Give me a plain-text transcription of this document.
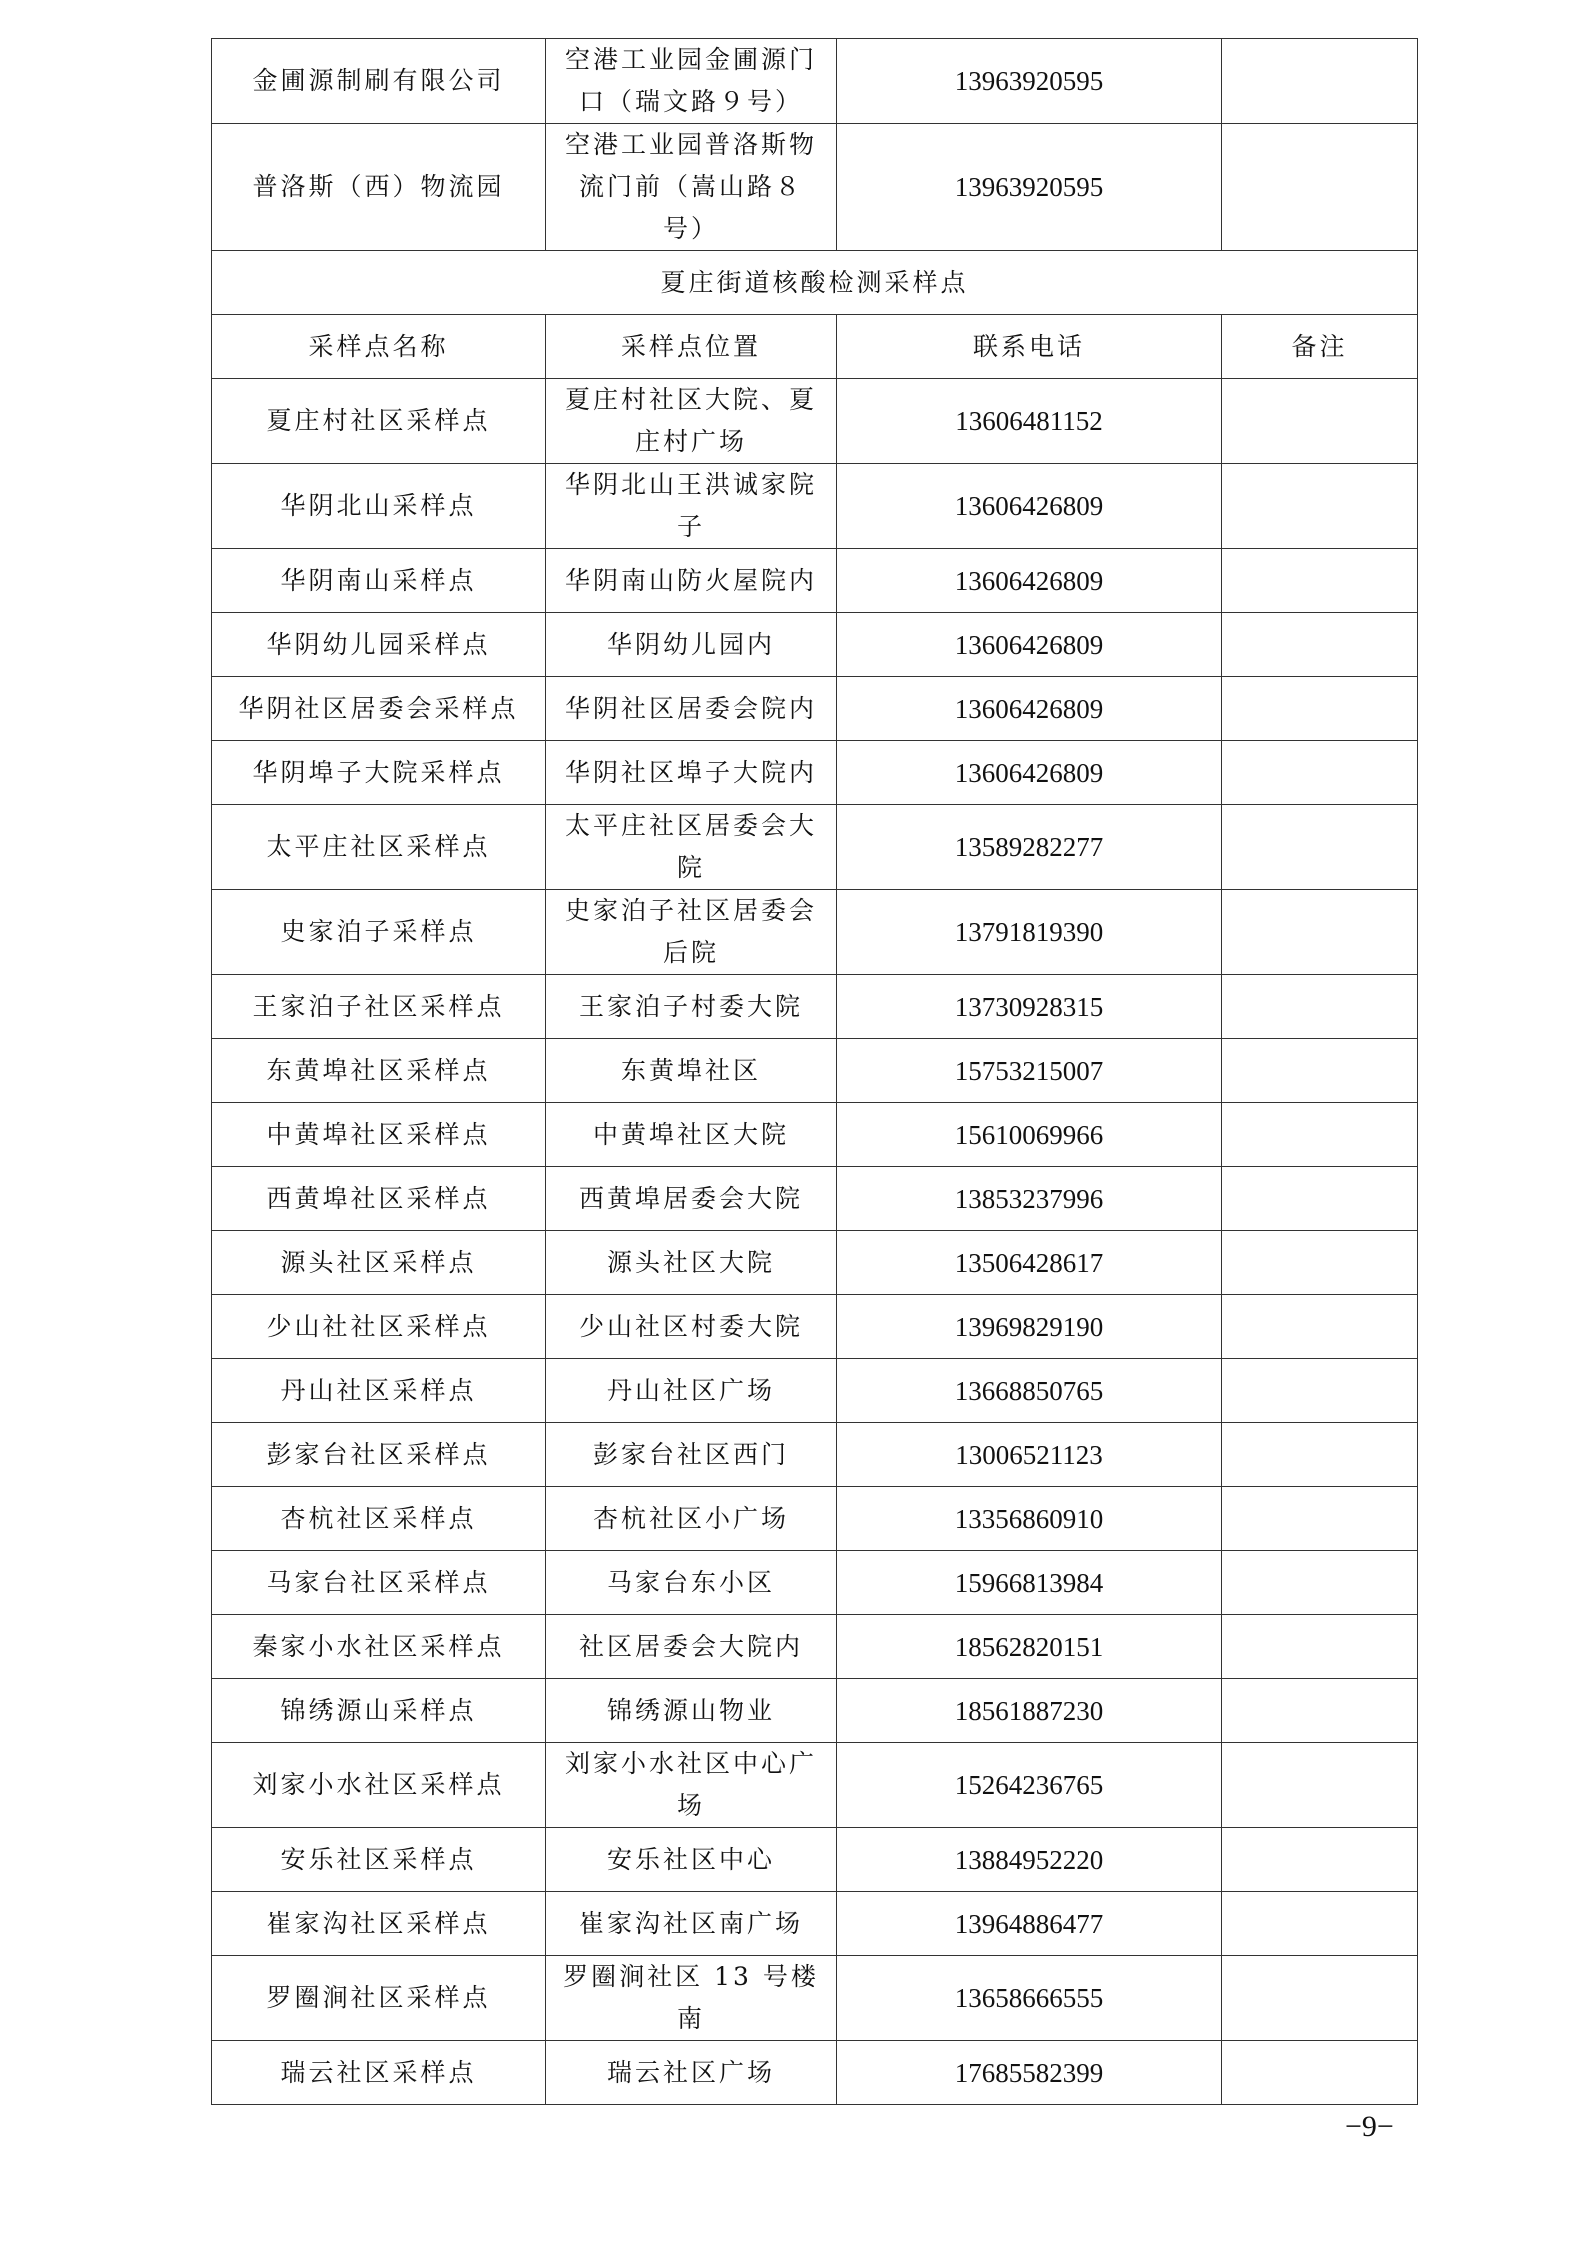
金圃源制刷有限公司	空港工业园金圃源门口（瑞文路９号）	13963920595	
普洛斯（西）物流园	空港工业园普洛斯物流门前（嵩山路８号）	13963920595	
夏庄街道核酸检测采样点			
采样点名称	采样点位置	联系电话	备注
夏庄村社区采样点	夏庄村社区大院、夏庄村广场	13606481152	
华阴北山采样点	华阴北山王洪诚家院子	13606426809	
华阴南山采样点	华阴南山防火屋院内	13606426809	
华阴幼儿园采样点	华阴幼儿园内	13606426809	
华阴社区居委会采样点	华阴社区居委会院内	13606426809	
华阴埠子大院采样点	华阴社区埠子大院内	13606426809	
太平庄社区采样点	太平庄社区居委会大院	13589282277	
史家泊子采样点	史家泊子社区居委会后院	13791819390	
王家泊子社区采样点	王家泊子村委大院	13730928315	
东黄埠社区采样点	东黄埠社区	15753215007	
中黄埠社区采样点	中黄埠社区大院	15610069966	
西黄埠社区采样点	西黄埠居委会大院	13853237996	
源头社区采样点	源头社区大院	13506428617	
少山社社区采样点	少山社区村委大院	13969829190	
丹山社区采样点	丹山社区广场	13668850765	
彭家台社区采样点	彭家台社区西门	13006521123	
杏杭社区采样点	杏杭社区小广场	13356860910	
马家台社区采样点	马家台东小区	15966813984	
秦家小水社区采样点	社区居委会大院内	18562820151	
锦绣源山采样点	锦绣源山物业	18561887230	
刘家小水社区采样点	刘家小水社区中心广场	15264236765	
安乐社区采样点	安乐社区中心	13884952220	
崔家沟社区采样点	崔家沟社区南广场	13964886477	
罗圈涧社区采样点	罗圈涧社区 13 号楼南	13658666555	
瑞云社区采样点	瑞云社区广场	17685582399	
−9−
